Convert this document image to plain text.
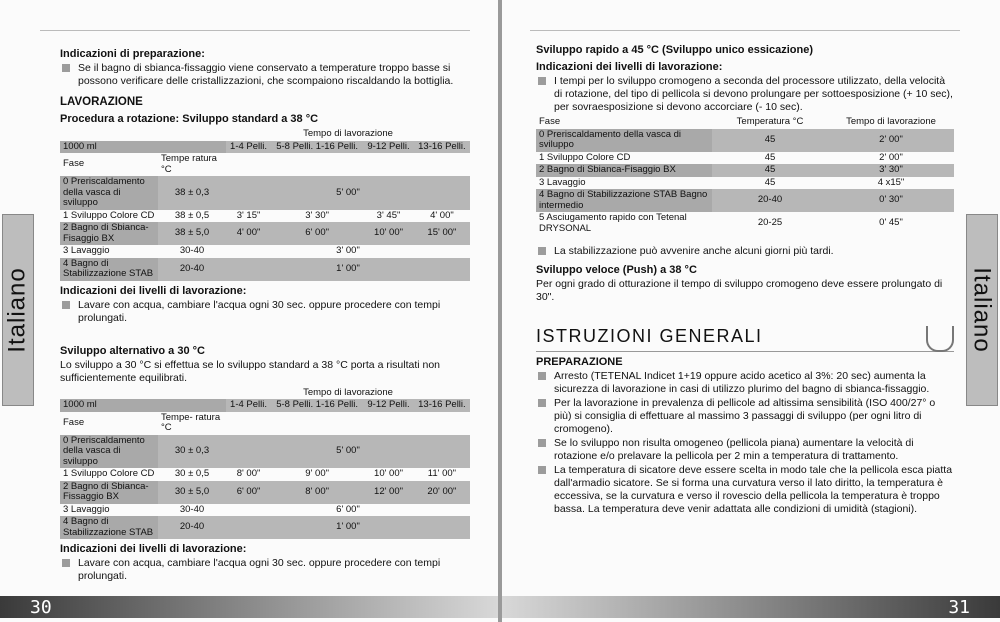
Italiano
Indicazioni di preparazione:
Se il bagno di sbianca-fissaggio viene conservato a temperature troppo basse si possono verificare delle cristallizzazioni, che scompaiono riscaldando la bottiglia.
LAVORAZIONE
Procedura a rotazione: Sviluppo standard a 38 °C
		Tempo di lavorazione			
1000 ml		1-4 Pelli.	5-8 Pelli. 1-16 Pelli.	9-12 Pelli.	13-16 Pelli.
Fase	Tempe ratura °C				
0 Preriscaldamento della vasca di sviluppo	38 ± 0,3	5' 00"			
1 Sviluppo Colore CD	38 ± 0,5	3' 15"	3' 30"	3' 45"	4' 00"
2 Bagno di Sbianca-Fisaggio BX	38 ± 5,0	4' 00"	6' 00"	10' 00"	15' 00"
3 Lavaggio	30-40	3' 00"			
4 Bagno di Stabilizzazione STAB	20-40	1' 00"			
Indicazioni dei livelli di lavorazione:
Lavare con acqua, cambiare l'acqua ogni 30 sec. oppure procedere con tempi prolungati.
Sviluppo alternativo a 30 °C

Lo sviluppo a 30 °C si effettua se lo sviluppo standard a 38 °C porta a risultati non sufficientemente equilibrati.

		Tempo di lavorazione			
1000 ml		1-4 Pelli.	5-8 Pelli. 1-16 Pelli.	9-12 Pelli.	13-16 Pelli.
Fase	Tempe- ratura °C				
0 Preriscaldamento della vasca di sviluppo	30 ± 0,3	5' 00"			
1 Sviluppo Colore CD	30 ± 0,5	8' 00"	9' 00"	10' 00"	11' 00"
2 Bagno di Sbianca-Fissaggio BX	30 ± 5,0	6' 00"	8' 00"	12' 00"	20' 00"
3 Lavaggio	30-40	6' 00"			
4 Bagno di Stabilizzazione STAB	20-40	1' 00"			
Indicazioni dei livelli di lavorazione:
Lavare con acqua, cambiare l'acqua ogni 30 sec. oppure procedere con tempi prolungati.
30
Italiano
Sviluppo rapido a 45 °C (Sviluppo unico essicazione)
Indicazioni dei livelli di lavorazione:
I tempi per lo sviluppo cromogeno a seconda del processore utilizzato, della velocità di rotazione, del tipo di pellicola si devono prolungare per sottoesposizione (+ 10 sec), per sovraesposizione si devono accorciare (- 10 sec).
Fase	Temperatura °C	Tempo di lavorazione
0 Preriscaldamento della vasca di sviluppo	45	2' 00"
1 Sviluppo Colore CD	45	2' 00"
2 Bagno di Sbianca-Fisaggio BX	45	3' 30"
3 Lavaggio	45	4 x15"
4 Bagno di Stabilizzazione STAB Bagno intermedio	20-40	0' 30"
5 Asciugamento rapido con Tetenal DRYSONAL	20-25	0' 45"
La stabilizzazione può avvenire anche alcuni giorni più tardi.
Sviluppo veloce (Push) a 38 °C

Per ogni grado di otturazione il tempo di sviluppo cromogeno deve essere prolungato di 30".

ISTRUZIONI GENERALI
PREPARAZIONE
Arresto (TETENAL Indicet 1+19 oppure acido acetico al 3%: 20 sec) aumenta la sicurezza di lavorazione in casi di utilizzo plurimo del bagno di sbianca-fissaggio.
Per la lavorazione in prevalenza di pellicole ad altissima sensibilità (ISO 400/27° o più) si consiglia di effettuare al massimo 3 passaggi di sviluppo (per ogni litro di cromogeno).
Se lo sviluppo non risulta omogeneo (pellicola piana) aumentare la velocità di rotazione e/o prelavare la pellicola per 2 min a temperatura di trattamento.
La temperatura di sicatore deve essere scelta in modo tale che la pellicola esca piatta dall'armadio sicatore. Se si forma una curvatura verso il lato diritto, la temperatura è eccessiva, se la curvatura e verso il rovescio della pellicola la temperatura è troppo bassa. La temperatura deve venir adattata alle condizioni di umidità (stagioni).
31
